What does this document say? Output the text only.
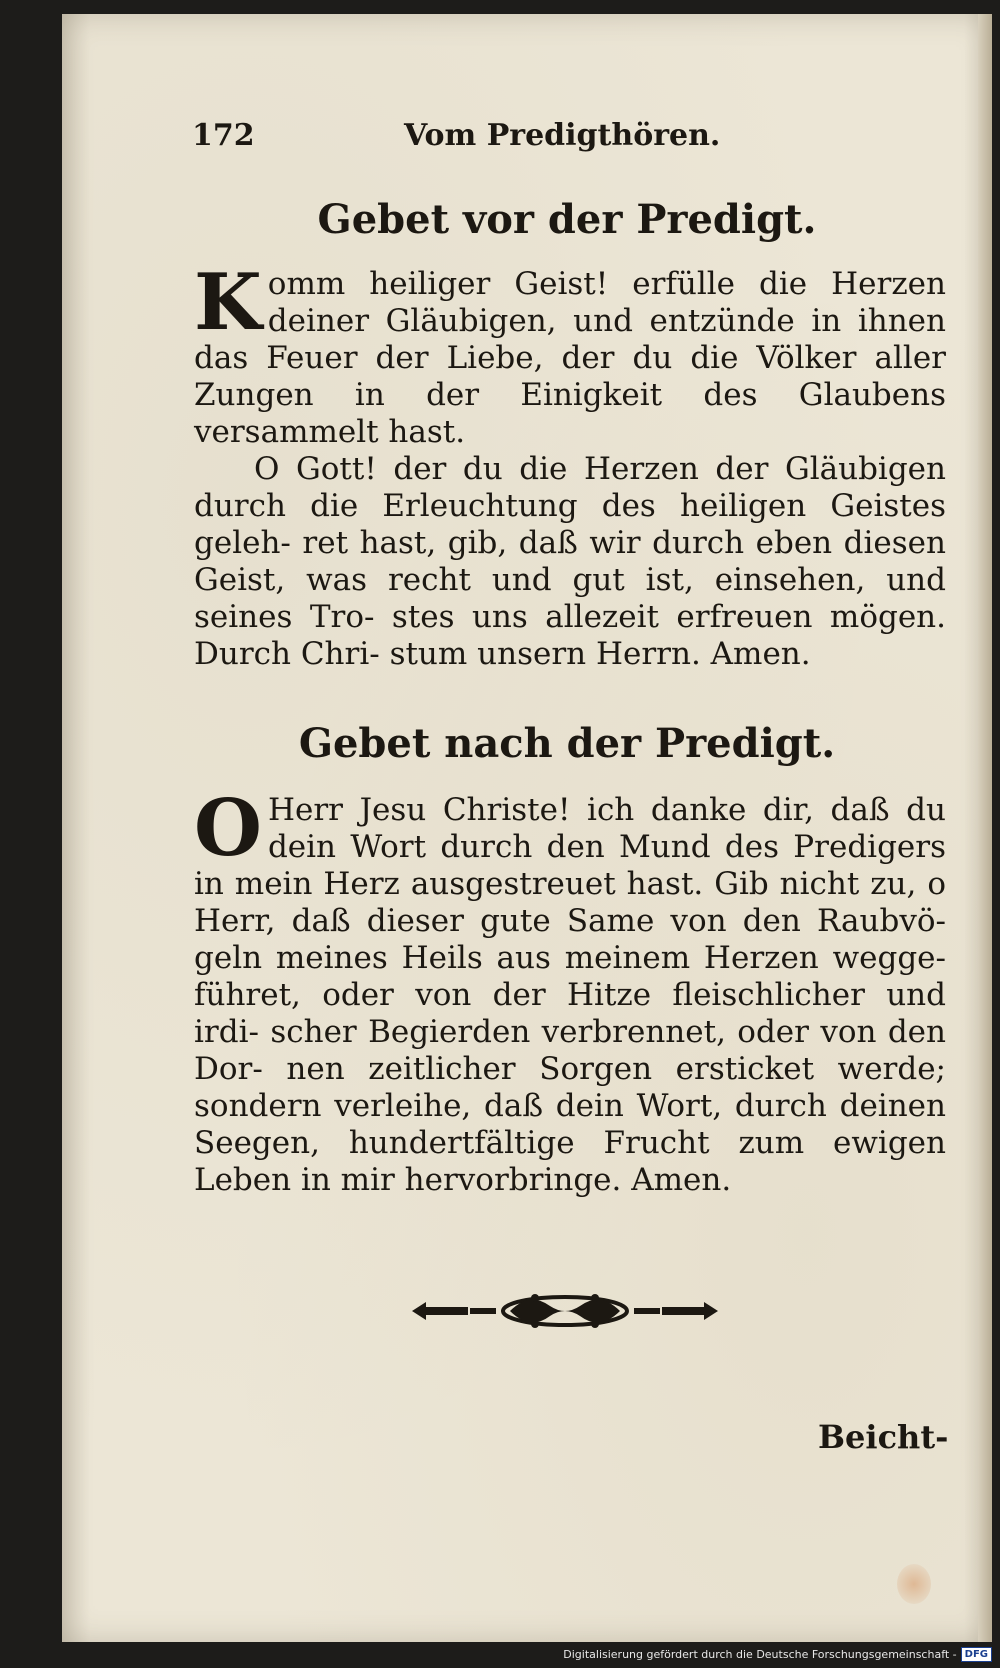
172	Vom Predigthören.
Gebet vor der Predigt.

Komm heiliger Geist! erfülle die Herzen deiner Gläubigen, und entzünde in ihnen das Feuer der Liebe, der du die Völker aller Zungen in der Einigkeit des Glaubens versammelt hast.

O Gott! der du die Herzen der Gläubigen durch die Erleuchtung des heiligen Geistes geleh- ret hast, gib, daß wir durch eben diesen Geist, was recht und gut ist, einsehen, und seines Tro- stes uns allezeit erfreuen mögen. Durch Chri- stum unsern Herrn. Amen.

Gebet nach der Predigt.

O Herr Jesu Christe! ich danke dir, daß du dein Wort durch den Mund des Predigers in mein Herz ausgestreuet hast. Gib nicht zu, o Herr, daß dieser gute Same von den Raubvö- geln meines Heils aus meinem Herzen wegge- führet, oder von der Hitze fleischlicher und irdi- scher Begierden verbrennet, oder von den Dor- nen zeitlicher Sorgen ersticket werde; sondern verleihe, daß dein Wort, durch deinen Seegen, hundertfältige Frucht zum ewigen Leben in mir hervorbringe. Amen.

Beicht-
Digitalisierung gefördert durch die Deutsche Forschungsgemeinschaft - DFG
